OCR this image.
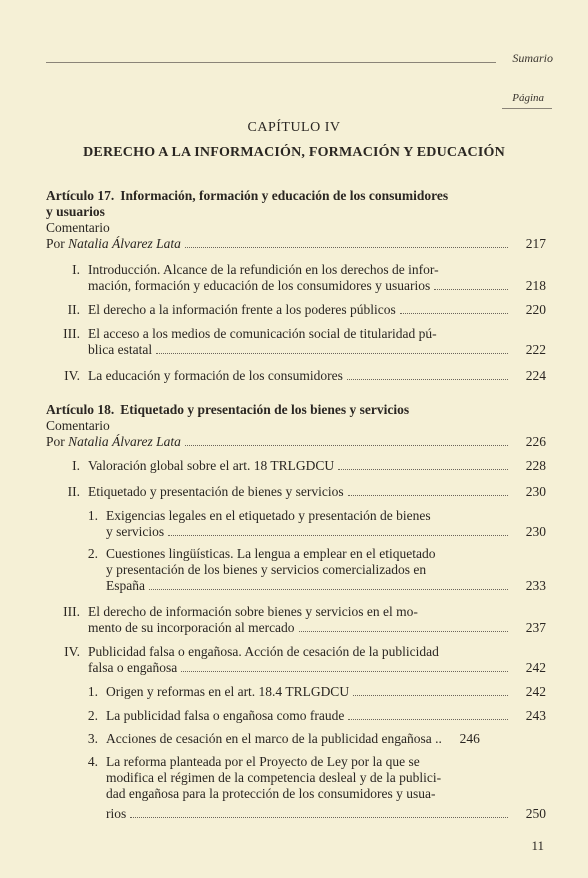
Sumario
Página
CAPÍTULO IV
DERECHO A LA INFORMACIÓN, FORMACIÓN Y EDUCACIÓN
Artículo 17. Información, formación y educación de los consumidores
y usuarios
Comentario
Por Natalia Álvarez Lata	217
I. Introducción. Alcance de la refundición en los derechos de infor-
mación, formación y educación de los consumidores y usuarios	218
II. El derecho a la información frente a los poderes públicos	220
III. El acceso a los medios de comunicación social de titularidad pú-
blica estatal	222
IV. La educación y formación de los consumidores	224
Artículo 18. Etiquetado y presentación de los bienes y servicios
Comentario
Por Natalia Álvarez Lata	226
I. Valoración global sobre el art. 18 TRLGDCU	228
II. Etiquetado y presentación de bienes y servicios	230
1. Exigencias legales en el etiquetado y presentación de bienes
y servicios	230
2. Cuestiones lingüísticas. La lengua a emplear en el etiquetado
y presentación de los bienes y servicios comercializados en
España	233
III. El derecho de información sobre bienes y servicios en el mo-
mento de su incorporación al mercado	237
IV. Publicidad falsa o engañosa. Acción de cesación de la publicidad
falsa o engañosa	242
1. Origen y reformas en el art. 18.4 TRLGDCU	242
2. La publicidad falsa o engañosa como fraude	243
3. Acciones de cesación en el marco de la publicidad engañosa ..	246
4. La reforma planteada por el Proyecto de Ley por la que se
modifica el régimen de la competencia desleal y de la publici-
dad engañosa para la protección de los consumidores y usua-
rios	250
11
